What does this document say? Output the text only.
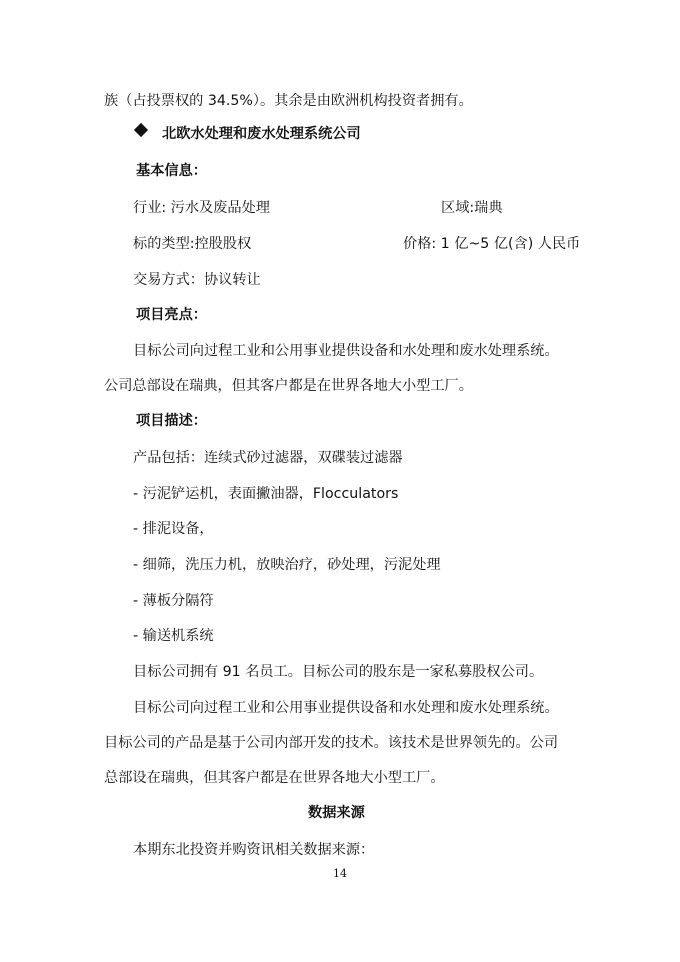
族（占投票权的 34.5%）。其余是由欧洲机构投资者拥有。
北欧水处理和废水处理系统公司
基本信息：
行业: 污水及废品处理	区域:瑞典
标的类型:控股股权	价格: 1 亿~5 亿(含) 人民币
交易方式：协议转让
项目亮点：
目标公司向过程工业和公用事业提供设备和水处理和废水处理系统。
公司总部设在瑞典，但其客户都是在世界各地大小型工厂。
项目描述：
产品包括：连续式砂过滤器，双碟装过滤器
- 污泥铲运机，表面撇油器，Flocculators
- 排泥设备，
- 细筛，洗压力机，放映治疗，砂处理，污泥处理
- 薄板分隔符
- 输送机系统
目标公司拥有 91 名员工。目标公司的股东是一家私募股权公司。
目标公司向过程工业和公用事业提供设备和水处理和废水处理系统。
目标公司的产品是基于公司内部开发的技术。该技术是世界领先的。公司
总部设在瑞典，但其客户都是在世界各地大小型工厂。
数据来源
本期东北投资并购资讯相关数据来源：
14
